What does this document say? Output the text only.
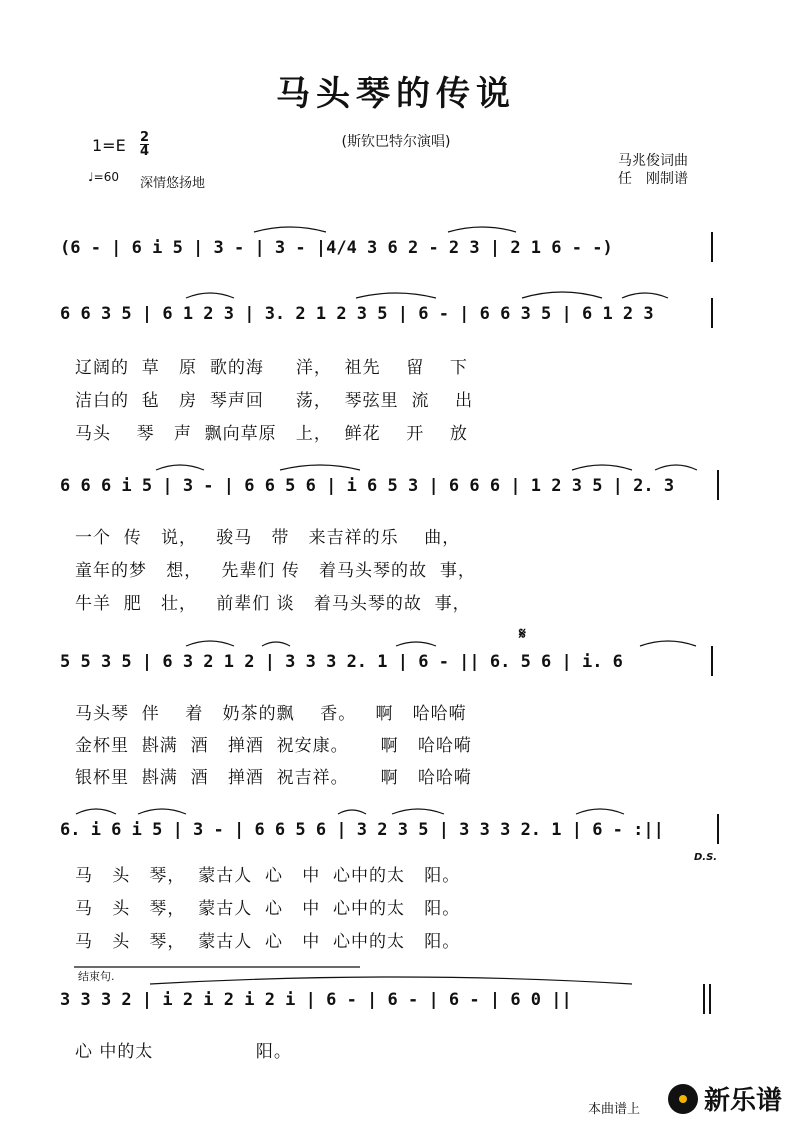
马头琴的传说
(斯钦巴特尔演唱)
1=E 2
4
♩=60 深情悠扬地
马兆俊词曲
任　刚制谱
(6 - | 6 i 5 | 3 - | 3 - |4/4 3 6 2 - 2 3 | 2 1 6 - -)
6 6 3 5 | 6 1 2 3 | 3. 2 1 2 3 5 | 6 - | 6 6 3 5 | 6 1 2 3
6 6 6 i 5 | 3 - | 6 6 5 6 | i 6 5 3 | 6 6 6 | 1 2 3 5 | 2. 3
5 5 3 5 | 6 3 2 1 2 | 3 3 3 2. 1 | 6 - || 6. 5 6 | i. 6
6. i 6 i 5 | 3 - | 6 6 5 6 | 3 2 3 5 | 3 3 3 2. 1 | 6 - :||
3 3 3 2 | i 2 i 2 i 2 i | 6 - | 6 - | 6 - | 6 0 ||
辽阔的  草   原  歌的海     洋，  祖先    留    下
洁白的  毡   房  琴声回     荡，  琴弦里  流    出
马头    琴   声  飘向草原   上，  鲜花    开    放
一个  传   说，   骏马   带   来吉祥的乐    曲，
童年的梦   想，   先辈们 传   着马头琴的故  事，
牛羊  肥   壮，   前辈们 谈   着马头琴的故  事，
马头琴  伴    着   奶茶的飘    香。   啊   哈哈嗬
金杯里  斟满  酒   掸酒  祝安康。     啊   哈哈嗬
银杯里  斟满  酒   掸酒  祝吉祥。     啊   哈哈嗬
马   头   琴，  蒙古人  心   中  心中的太   阳。
马   头   琴，  蒙古人  心   中  心中的太   阳。
马   头   琴，  蒙古人  心   中  心中的太   阳。
心 中的太                阳。
𝄋
D.S.
结束句.
本曲谱上 新乐谱
